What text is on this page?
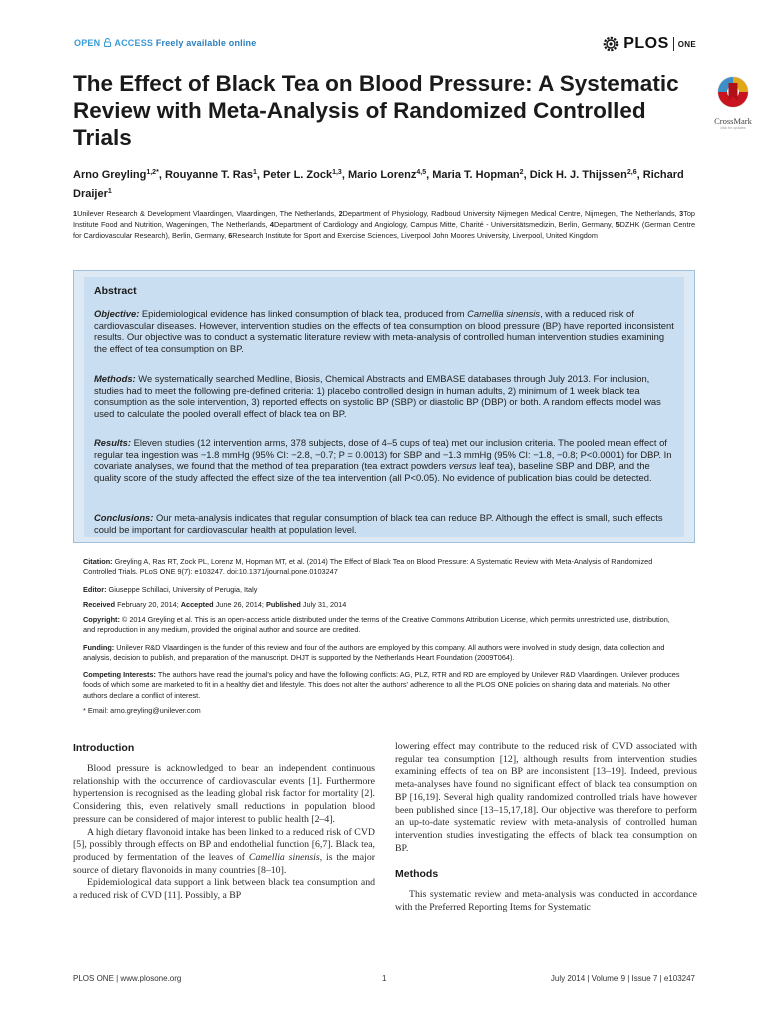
OPEN ACCESS Freely available online	PLOS ONE
The Effect of Black Tea on Blood Pressure: A Systematic Review with Meta-Analysis of Randomized Controlled Trials
CrossMark
click for updates
Arno Greyling$^{1,2*}$, Rouyanne T. Ras$^1$, Peter L. Zock$^{1,3}$, Mario Lorenz$^{4,5}$, Maria T. Hopman$^2$, Dick H. J. Thijssen$^{2,6}$, Richard Draijer$^1$
1Unilever Research & Development Vlaardingen, Vlaardingen, The Netherlands, 2Department of Physiology, Radboud University Nijmegen Medical Centre, Nijmegen, The Netherlands, 3Top Institute Food and Nutrition, Wageningen, The Netherlands, 4Department of Cardiology and Angiology, Campus Mitte, Charité - Universitätsmedizin, Berlin, Germany, 5DZHK (German Centre for Cardiovascular Research), Berlin, Germany, 6Research Institute for Sport and Exercise Sciences, Liverpool John Moores University, Liverpool, United Kingdom
Abstract

Objective: Epidemiological evidence has linked consumption of black tea, produced from Camellia sinensis, with a reduced risk of cardiovascular diseases. However, intervention studies on the effects of tea consumption on blood pressure (BP) have reported inconsistent results. Our objective was to conduct a systematic literature review with meta-analysis of controlled human intervention studies examining the effect of tea consumption on BP.

Methods: We systematically searched Medline, Biosis, Chemical Abstracts and EMBASE databases through July 2013. For inclusion, studies had to meet the following pre-defined criteria: 1) placebo controlled design in human adults, 2) minimum of 1 week black tea consumption as the sole intervention, 3) reported effects on systolic BP (SBP) or diastolic BP (DBP) or both. A random effects model was used to calculate the pooled overall effect of black tea on BP.

Results: Eleven studies (12 intervention arms, 378 subjects, dose of 4–5 cups of tea) met our inclusion criteria. The pooled mean effect of regular tea ingestion was −1.8 mmHg (95% CI: −2.8, −0.7; P = 0.0013) for SBP and −1.3 mmHg (95% CI: −1.8, −0.8; P<0.0001) for DBP. In covariate analyses, we found that the method of tea preparation (tea extract powders versus leaf tea), baseline SBP and DBP, and the quality score of the study affected the effect size of the tea intervention (all P<0.05). No evidence of publication bias could be detected.

Conclusions: Our meta-analysis indicates that regular consumption of black tea can reduce BP. Although the effect is small, such effects could be important for cardiovascular health at population level.

Citation: Greyling A, Ras RT, Zock PL, Lorenz M, Hopman MT, et al. (2014) The Effect of Black Tea on Blood Pressure: A Systematic Review with Meta-Analysis of Randomized Controlled Trials. PLoS ONE 9(7): e103247. doi:10.1371/journal.pone.0103247

Editor: Giuseppe Schillaci, University of Perugia, Italy

Received February 20, 2014; Accepted June 26, 2014; Published July 31, 2014

Copyright: © 2014 Greyling et al. This is an open-access article distributed under the terms of the Creative Commons Attribution License, which permits unrestricted use, distribution, and reproduction in any medium, provided the original author and source are credited.

Funding: Unilever R&D Vlaardingen is the funder of this review and four of the authors are employed by this company. All authors were involved in study design, data collection and analysis, decision to publish, and preparation of the manuscript. DHJT is supported by the Netherlands Heart Foundation (2009T064).

Competing Interests: The authors have read the journal's policy and have the following conflicts: AG, PLZ, RTR and RD are employed by Unilever R&D Vlaardingen. Unilever produces foods of which some are marketed to fit in a healthy diet and lifestyle. This does not alter the authors' adherence to all the PLOS ONE policies on sharing data and materials. No other authors declare a conflict of interest.

* Email: arno.greyling@unilever.com

Introduction

Blood pressure is acknowledged to bear an independent continuous relationship with the occurrence of cardiovascular events [1]. Furthermore hypertension is recognised as the leading global risk factor for mortality [2]. Considering this, even relatively small reductions in population blood pressure can be considered of major interest to public health [2–4].

A high dietary flavonoid intake has been linked to a reduced risk of CVD [5], possibly through effects on BP and endothelial function [6,7]. Black tea, produced by fermentation of the leaves of Camellia sinensis, is the major source of dietary flavonoids in many countries [8–10].

Epidemiological data support a link between black tea consumption and a reduced risk of CVD [11]. Possibly, a BP

lowering effect may contribute to the reduced risk of CVD associated with regular tea consumption [12], although results from intervention studies examining effects of tea on BP are inconsistent [13–19]. Indeed, previous meta-analyses have found no significant effect of black tea consumption on BP [16,19]. Several high quality randomized controlled trials have however been published since [13–15,17,18]. Our objective was therefore to perform an up-to-date systematic review with meta-analysis of controlled human intervention studies investigating the effects of black tea consumption on BP.

Methods

This systematic review and meta-analysis was conducted in accordance with the Preferred Reporting Items for Systematic

PLOS ONE | www.plosone.org	1	July 2014 | Volume 9 | Issue 7 | e103247
